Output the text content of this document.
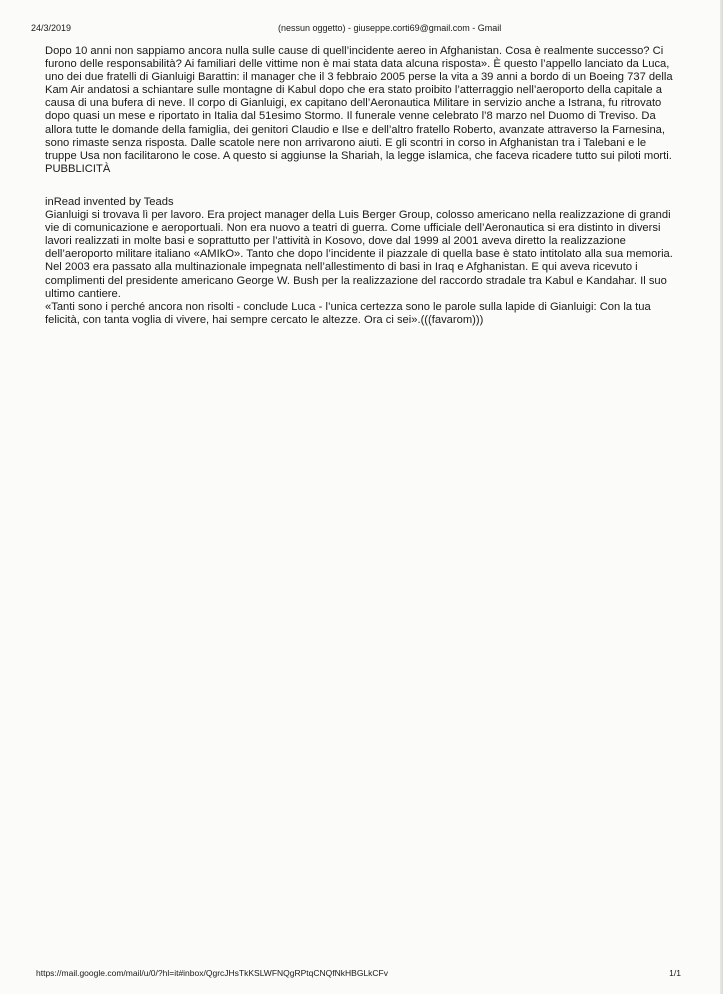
24/3/2019	(nessun oggetto) - giuseppe.corti69@gmail.com - Gmail

Dopo 10 anni non sappiamo ancora nulla sulle cause di quell’incidente aereo in Afghanistan. Cosa è realmente successo? Ci furono delle responsabilità? Ai familiari delle vittime non è mai stata data alcuna risposta». È questo l’appello lanciato da Luca, uno dei due fratelli di Gianluigi Barattin: il manager che il 3 febbraio 2005 perse la vita a 39 anni a bordo di un Boeing 737 della Kam Air andatosi a schiantare sulle montagne di Kabul dopo che era stato proibito l’atterraggio nell’aeroporto della capitale a causa di una bufera di neve. Il corpo di Gianluigi, ex capitano dell’Aeronautica Militare in servizio anche a Istrana, fu ritrovato dopo quasi un mese e riportato in Italia dal 51esimo Stormo. Il funerale venne celebrato l’8 marzo nel Duomo di Treviso. Da allora tutte le domande della famiglia, dei genitori Claudio e Ilse e dell’altro fratello Roberto, avanzate attraverso la Farnesina, sono rimaste senza risposta. Dalle scatole nere non arrivarono aiuti. E gli scontri in corso in Afghanistan tra i Talebani e le truppe Usa non facilitarono le cose. A questo si aggiunse la Shariah, la legge islamica, che faceva ricadere tutto sui piloti morti.

PUBBLICITÀ

inRead invented by Teads

Gianluigi si trovava lì per lavoro. Era project manager della Luis Berger Group, colosso americano nella realizzazione di grandi vie di comunicazione e aeroportuali. Non era nuovo a teatri di guerra. Come ufficiale dell’Aeronautica si era distinto in diversi lavori realizzati in molte basi e soprattutto per l’attività in Kosovo, dove dal 1999 al 2001 aveva diretto la realizzazione dell’aeroporto militare italiano «AMIkO». Tanto che dopo l’incidente il piazzale di quella base è stato intitolato alla sua memoria. Nel 2003 era passato alla multinazionale impegnata nell’allestimento di basi in Iraq e Afghanistan. E qui aveva ricevuto i complimenti del presidente americano George W. Bush per la realizzazione del raccordo stradale tra Kabul e Kandahar. Il suo ultimo cantiere.

«Tanti sono i perché ancora non risolti - conclude Luca - l’unica certezza sono le parole sulla lapide di Gianluigi: Con la tua felicità, con tanta voglia di vivere, hai sempre cercato le altezze. Ora ci sei».(((favarom)))

https://mail.google.com/mail/u/0/?hl=it#inbox/QgrcJHsTkKSLWFNQgRPtqCNQfNkHBGLkCFv	1/1
